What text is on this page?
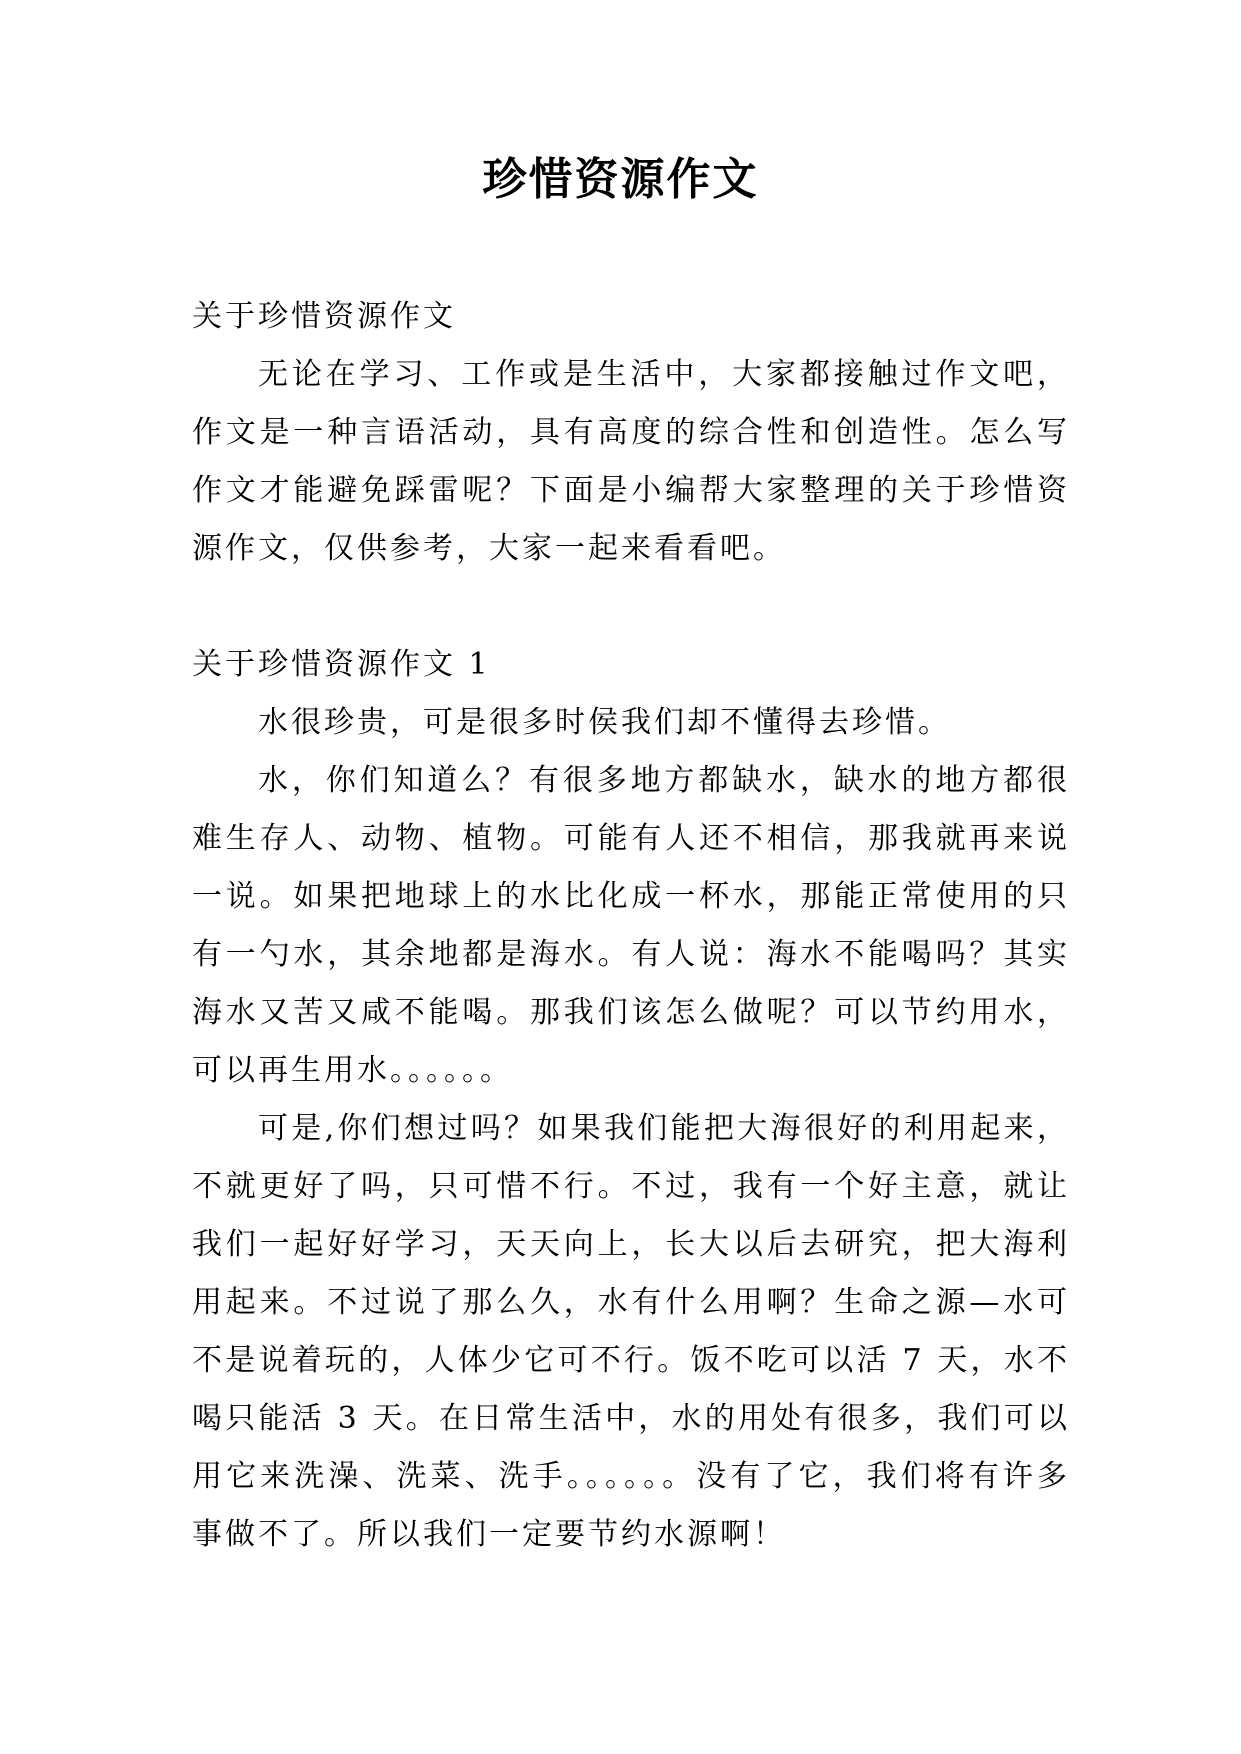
珍惜资源作文

关于珍惜资源作文

无论在学习、工作或是生活中，大家都接触过作文吧，作文是一种言语活动，具有高度的综合性和创造性。怎么写作文才能避免踩雷呢？下面是小编帮大家整理的关于珍惜资源作文，仅供参考，大家一起来看看吧。

关于珍惜资源作文 1

水很珍贵，可是很多时侯我们却不懂得去珍惜。

水，你们知道么？有很多地方都缺水，缺水的地方都很难生存人、动物、植物。可能有人还不相信，那我就再来说一说。如果把地球上的水比化成一杯水，那能正常使用的只有一勺水，其余地都是海水。有人说：海水不能喝吗？其实海水又苦又咸不能喝。那我们该怎么做呢？可以节约用水，可以再生用水。。。。。。

可是,你们想过吗？如果我们能把大海很好的利用起来，不就更好了吗，只可惜不行。不过，我有一个好主意，就让我们一起好好学习，天天向上，长大以后去研究，把大海利用起来。不过说了那么久，水有什么用啊？生命之源—水可不是说着玩的，人体少它可不行。饭不吃可以活 7 天，水不喝只能活 3 天。在日常生活中，水的用处有很多，我们可以用它来洗澡、洗菜、洗手。。。。。。没有了它，我们将有许多事做不了。所以我们一定要节约水源啊！
